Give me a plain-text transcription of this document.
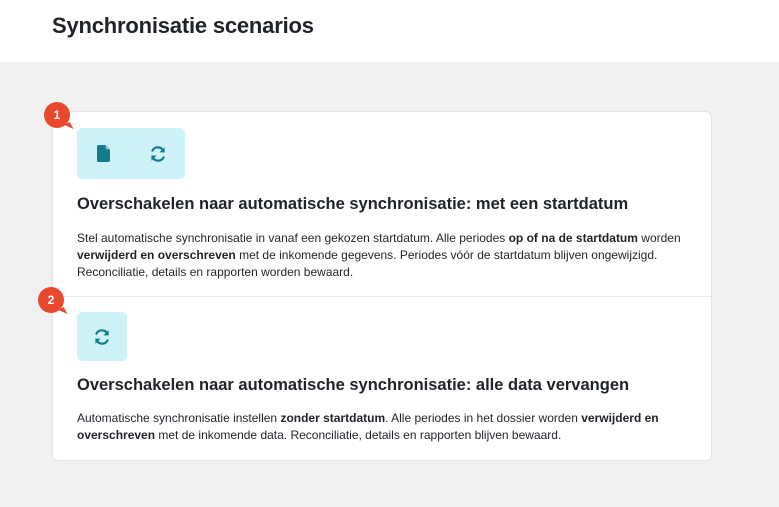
Synchronisatie scenarios
1
Overschakelen naar automatische synchronisatie: met een startdatum

Stel automatische synchronisatie in vanaf een gekozen startdatum. Alle periodes op of na de startdatum worden verwijderd en overschreven met de inkomende gegevens. Periodes vóór de startdatum blijven ongewijzigd. Reconciliatie, details en rapporten worden bewaard.

2
Overschakelen naar automatische synchronisatie: alle data vervangen

Automatische synchronisatie instellen zonder startdatum. Alle periodes in het dossier worden verwijderd en overschreven met de inkomende data. Reconciliatie, details en rapporten blijven bewaard.
